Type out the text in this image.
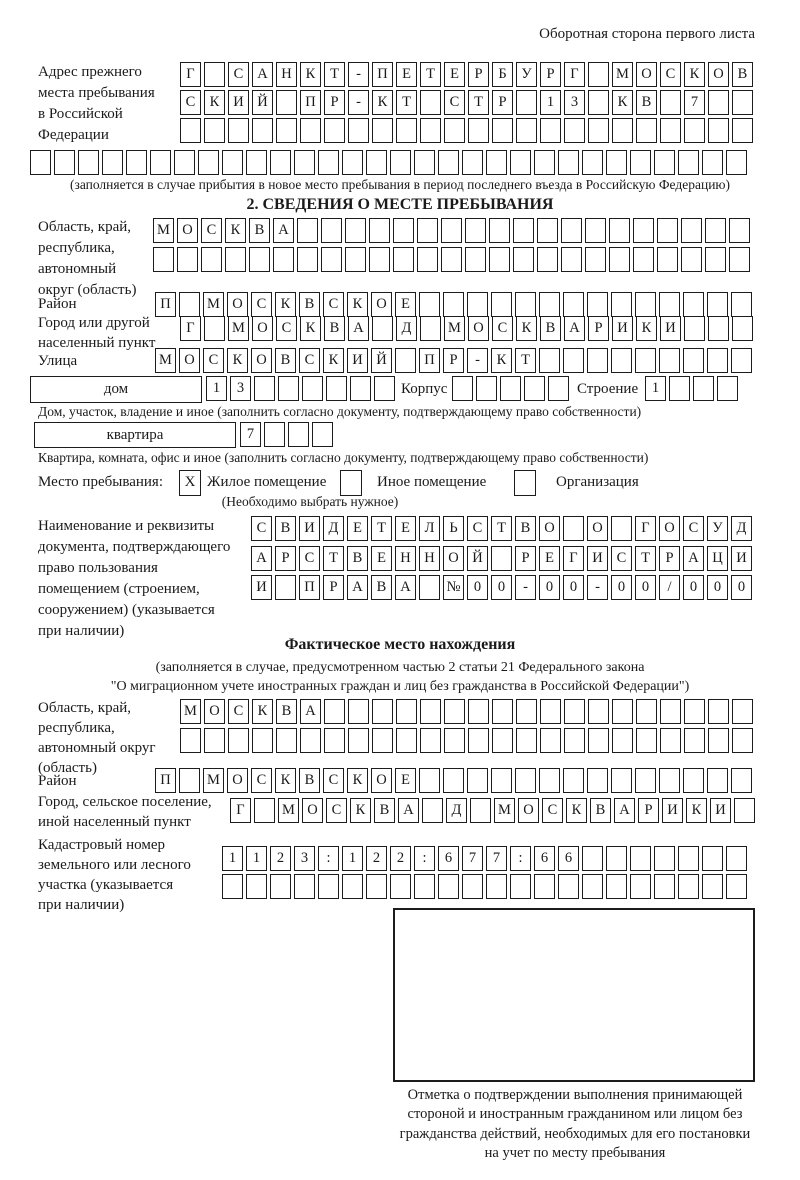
Оборотная сторона первого листа
Адрес прежнего
места пребывания
в Российской
Федерации
Г	С А Н К	Т	-	П Е	Т	Е	Р	Б	У	Р	Г	М О С К О В
С К И Й	П	Р	-	К	Т	С	Т	Р	1	3	К В	7
(заполняется в случае прибытия в новое место пребывания в период последнего въезда в Российскую Федерацию)
2. СВЕДЕНИЯ О МЕСТЕ ПРЕБЫВАНИЯ
Область, край,
республика,
автономный
округ (область)
М О С К В А
Район	П	М О С К В С К О Е
Город или другой
населенный пункт
Г	М О С К В А	Д	М О С К В А	Р	И К И
Улица	М О С К О В С К И Й	П	Р	-	К	Т
дом	1	3	Корпус	Строение 1
Дом, участок, владение и иное (заполнить согласно документу, подтверждающему право собственности)
квартира	7
Квартира, комната, офис и иное (заполнить согласно документу, подтверждающему право собственности)
Место пребывания:	X Жилое помещение	Иное помещение	Организация
(Необходимо выбрать нужное)
Наименование и реквизиты
документа, подтверждающего
право пользования
помещением (строением,
сооружением) (указывается
при наличии)
С В И Д	Е	Т	Е	Л	Ь	С	Т	В О	О	Г	О С У Д
А	Р	С	Т	В	Е Н Н О Й	Р	Е	Г	И С	Т	Р	А Ц И
И	П	Р	А В А	№ 0	0	-	0	0	-	0	0	/	0	0	0
Фактическое место нахождения
(заполняется в случае, предусмотренном частью 2 статьи 21 Федерального закона
"О миграционном учете иностранных граждан и лиц без гражданства в Российской Федерации")
Область, край,
республика,
автономный округ
(область)
М О С К В А
Район	П	М О С К В С К О Е
Город, сельское поселение,
иной населенный пункт
Г	М О С К В А	Д	М О С К В А	Р	И К И
Кадастровый номер
земельного или лесного
участка (указывается
при наличии)
1	1	2	3	:	1	2	2	:	6	7	7	:	6	6
Отметка о подтверждении выполнения принимающей
стороной и иностранным гражданином или лицом без
гражданства действий, необходимых для его постановки
на учет по месту пребывания
